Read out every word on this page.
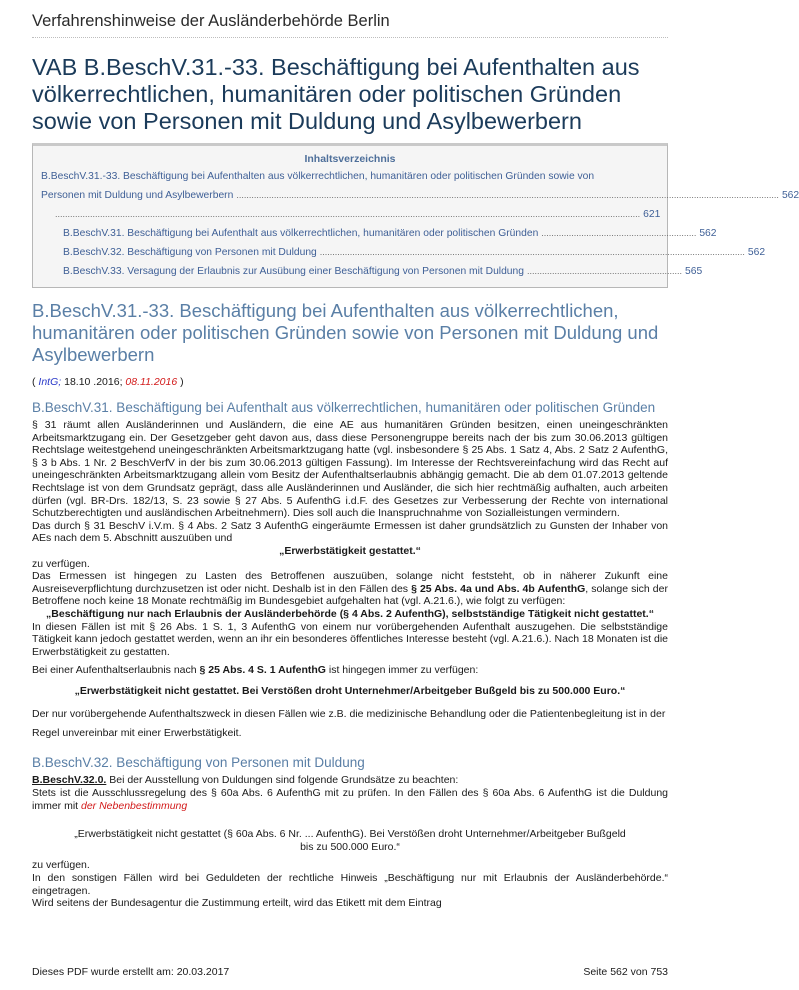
Verfahrenshinweise der Ausländerbehörde Berlin
VAB B.BeschV.31.-33. Beschäftigung bei Aufenthalten aus völkerrechtlichen, humanitären oder politischen Gründen sowie von Personen mit Duldung und Asylbewerbern
Inhaltsverzeichnis
B.BeschV.31.-33. Beschäftigung bei Aufenthalten aus völkerrechtlichen, humanitären oder politischen Gründen sowie von
Personen mit Duldung und Asylbewerbern ......................................................................................................................................................................................................................... 562
.......................................................................................................................................................................................................................................... 621
B.BeschV.31. Beschäftigung bei Aufenthalt aus völkerrechtlichen, humanitären oder politischen Gründen .............................................................. 562
B.BeschV.32. Beschäftigung von Personen mit Duldung .......................................................................................................................................................................... 562
B.BeschV.33. Versagung der Erlaubnis zur Ausübung einer Beschäftigung von Personen mit Duldung .............................................................. 565
B.BeschV.31.-33. Beschäftigung bei Aufenthalten aus völkerrechtlichen, humanitären oder politischen Gründen sowie von Personen mit Duldung und Asylbewerbern
( IntG; 18.10 .2016; 08.11.2016 )
B.BeschV.31. Beschäftigung bei Aufenthalt aus völkerrechtlichen, humanitären oder politischen Gründen

§ 31 räumt allen Ausländerinnen und Ausländern, die eine AE aus humanitären Gründen besitzen, einen uneingeschränkten Arbeitsmarktzugang ein. Der Gesetzgeber geht davon aus, dass diese Personengruppe bereits nach der bis zum 30.06.2013 gültigen Rechtslage weitestgehend uneingeschränkten Arbeitsmarktzugang hatte (vgl. insbesondere § 25 Abs. 1 Satz 4, Abs. 2 Satz 2 AufenthG, § 3 b Abs. 1 Nr. 2 BeschVerfV in der bis zum 30.06.2013 gültigen Fassung). Im Interesse der Rechtsvereinfachung wird das Recht auf uneingeschränkten Arbeitsmarktzugang allein vom Besitz der Aufenthaltserlaubnis abhängig gemacht. Die ab dem 01.07.2013 geltende Rechtslage ist von dem Grundsatz geprägt, dass alle Ausländerinnen und Ausländer, die sich hier rechtmäßig aufhalten, auch arbeiten dürfen (vgl. BR-Drs. 182/13, S. 23 sowie § 27 Abs. 5 AufenthG i.d.F. des Gesetzes zur Verbesserung der Rechte von international Schutzberechtigten und ausländischen Arbeitnehmern). Dies soll auch die Inanspruchnahme von Sozialleistungen vermindern.

Das durch § 31 BeschV i.V.m. § 4 Abs. 2 Satz 3 AufenthG eingeräumte Ermessen ist daher grundsätzlich zu Gunsten der Inhaber von AEs nach dem 5. Abschnitt auszuüben und

„Erwerbstätigkeit gestattet.“

zu verfügen.

Das Ermessen ist hingegen zu Lasten des Betroffenen auszuüben, solange nicht feststeht, ob in näherer Zukunft eine Ausreiseverpflichtung durchzusetzen ist oder nicht. Deshalb ist in den Fällen des § 25 Abs. 4a und Abs. 4b AufenthG, solange sich der Betroffene noch keine 18 Monate rechtmäßig im Bundesgebiet aufgehalten hat (vgl. A.21.6.), wie folgt zu verfügen:

„Beschäftigung nur nach Erlaubnis der Ausländerbehörde (§ 4 Abs. 2 AufenthG), selbstständige Tätigkeit nicht gestattet.“

In diesen Fällen ist mit § 26 Abs. 1 S. 1, 3 AufenthG von einem nur vorübergehenden Aufenthalt auszugehen. Die selbstständige Tätigkeit kann jedoch gestattet werden, wenn an ihr ein besonderes öffentliches Interesse besteht (vgl. A.21.6.). Nach 18 Monaten ist die Erwerbstätigkeit zu gestatten.

Bei einer Aufenthaltserlaubnis nach § 25 Abs. 4 S. 1 AufenthG ist hingegen immer zu verfügen:

„Erwerbstätigkeit nicht gestattet. Bei Verstößen droht Unternehmer/Arbeitgeber Bußgeld bis zu 500.000 Euro.“

Der nur vorübergehende Aufenthaltszweck in diesen Fällen wie z.B. die medizinische Behandlung oder die Patientenbegleitung ist in der Regel unvereinbar mit einer Erwerbstätigkeit.

B.BeschV.32. Beschäftigung von Personen mit Duldung

B.BeschV.32.0. Bei der Ausstellung von Duldungen sind folgende Grundsätze zu beachten:

Stets ist die Ausschlussregelung des § 60a Abs. 6 AufenthG mit zu prüfen. In den Fällen des § 60a Abs. 6 AufenthG ist die Duldung immer mit der Nebenbestimmung

„Erwerbstätigkeit nicht gestattet (§ 60a Abs. 6 Nr. ... AufenthG). Bei Verstößen droht Unternehmer/Arbeitgeber Bußgeld bis zu 500.000 Euro.“

zu verfügen.

In den sonstigen Fällen wird bei Geduldeten der rechtliche Hinweis „Beschäftigung nur mit Erlaubnis der Ausländerbehörde.“ eingetragen.

Wird seitens der Bundesagentur die Zustimmung erteilt, wird das Etikett mit dem Eintrag

Dieses PDF wurde erstellt am: 20.03.2017	Seite 562 von 753
